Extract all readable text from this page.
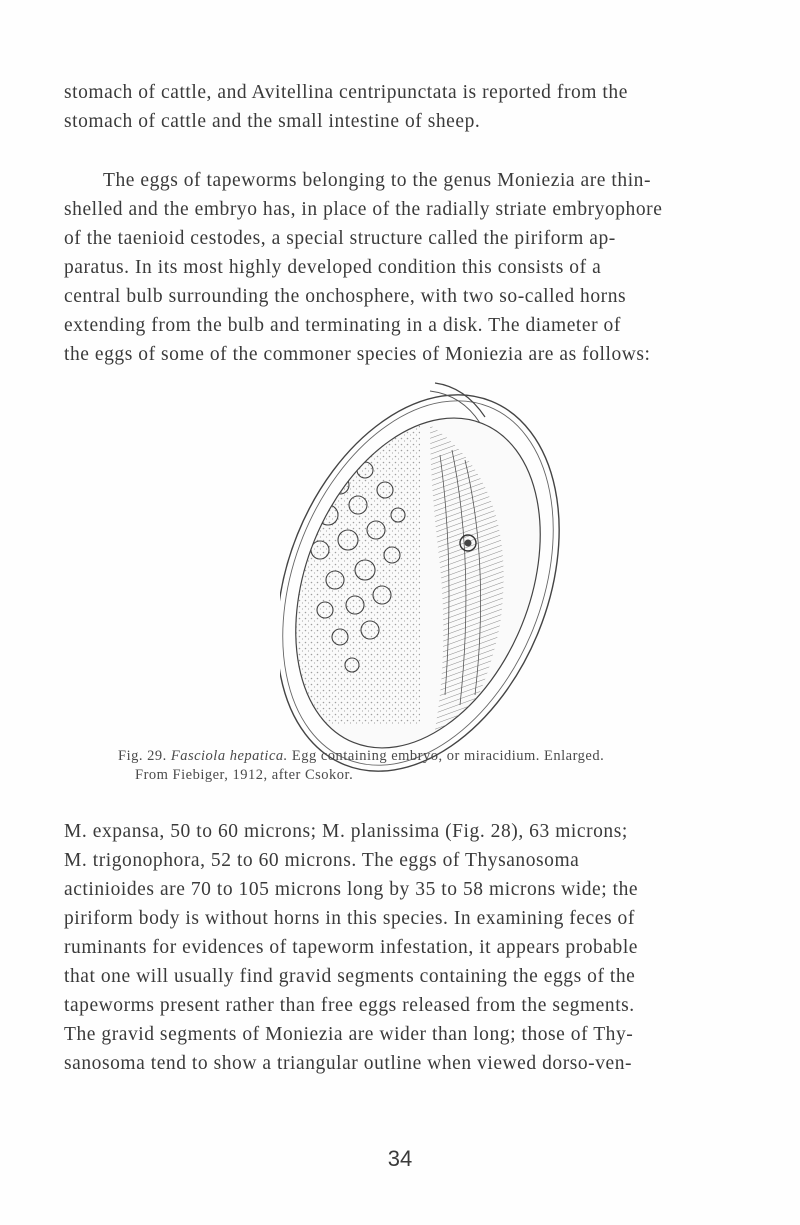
stomach of cattle, and Avitellina centripunctata is reported from the
stomach of cattle and the small intestine of sheep.

The eggs of tapeworms belonging to the genus Moniezia are thin-
shelled and the embryo has, in place of the radially striate embryophore
of the taenioid cestodes, a special structure called the piriform ap-
paratus. In its most highly developed condition this consists of a
central bulb surrounding the onchosphere, with two so-called horns
extending from the bulb and terminating in a disk. The diameter of
the eggs of some of the commoner species of Moniezia are as follows:

Fig. 29. Fasciola hepatica. Egg containing embryo, or miracidium. Enlarged.
From Fiebiger, 1912, after Csokor.

M. expansa, 50 to 60 microns; M. planissima (Fig. 28), 63 microns;
M. trigonophora, 52 to 60 microns. The eggs of Thysanosoma
actinioides are 70 to 105 microns long by 35 to 58 microns wide; the
piriform body is without horns in this species. In examining feces of
ruminants for evidences of tapeworm infestation, it appears probable
that one will usually find gravid segments containing the eggs of the
tapeworms present rather than free eggs released from the segments.
The gravid segments of Moniezia are wider than long; those of Thy-
sanosoma tend to show a triangular outline when viewed dorso-ven-

34
